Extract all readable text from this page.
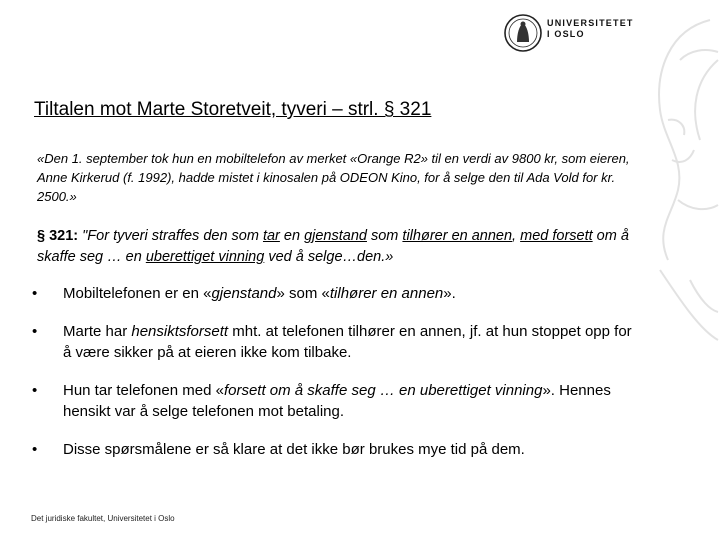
UNIVERSITETET
I OSLO
Tiltalen mot Marte Storetveit, tyveri – strl. § 321

«Den 1. september tok hun en mobiltelefon av merket «Orange R2» til en verdi av 9800 kr, som eieren, Anne Kirkerud (f. 1992), hadde mistet i kinosalen på ODEON Kino, for å selge den til Ada Vold for kr. 2500.»

§ 321: "For tyveri straffes den som tar en gjenstand som tilhører en annen, med forsett om å skaffe seg … en uberettiget vinning ved å selge…den.»

• Mobiltelefonen er en «gjenstand» som «tilhører en annen».
• Marte har hensiktsforsett mht. at telefonen tilhører en annen, jf. at hun stoppet opp for å være sikker på at eieren ikke kom tilbake.
• Hun tar telefonen med «forsett om å skaffe seg … en uberettiget vinning». Hennes hensikt var å selge telefonen mot betaling.
• Disse spørsmålene er så klare at det ikke bør brukes mye tid på dem.
Det juridiske fakultet, Universitetet i Oslo
